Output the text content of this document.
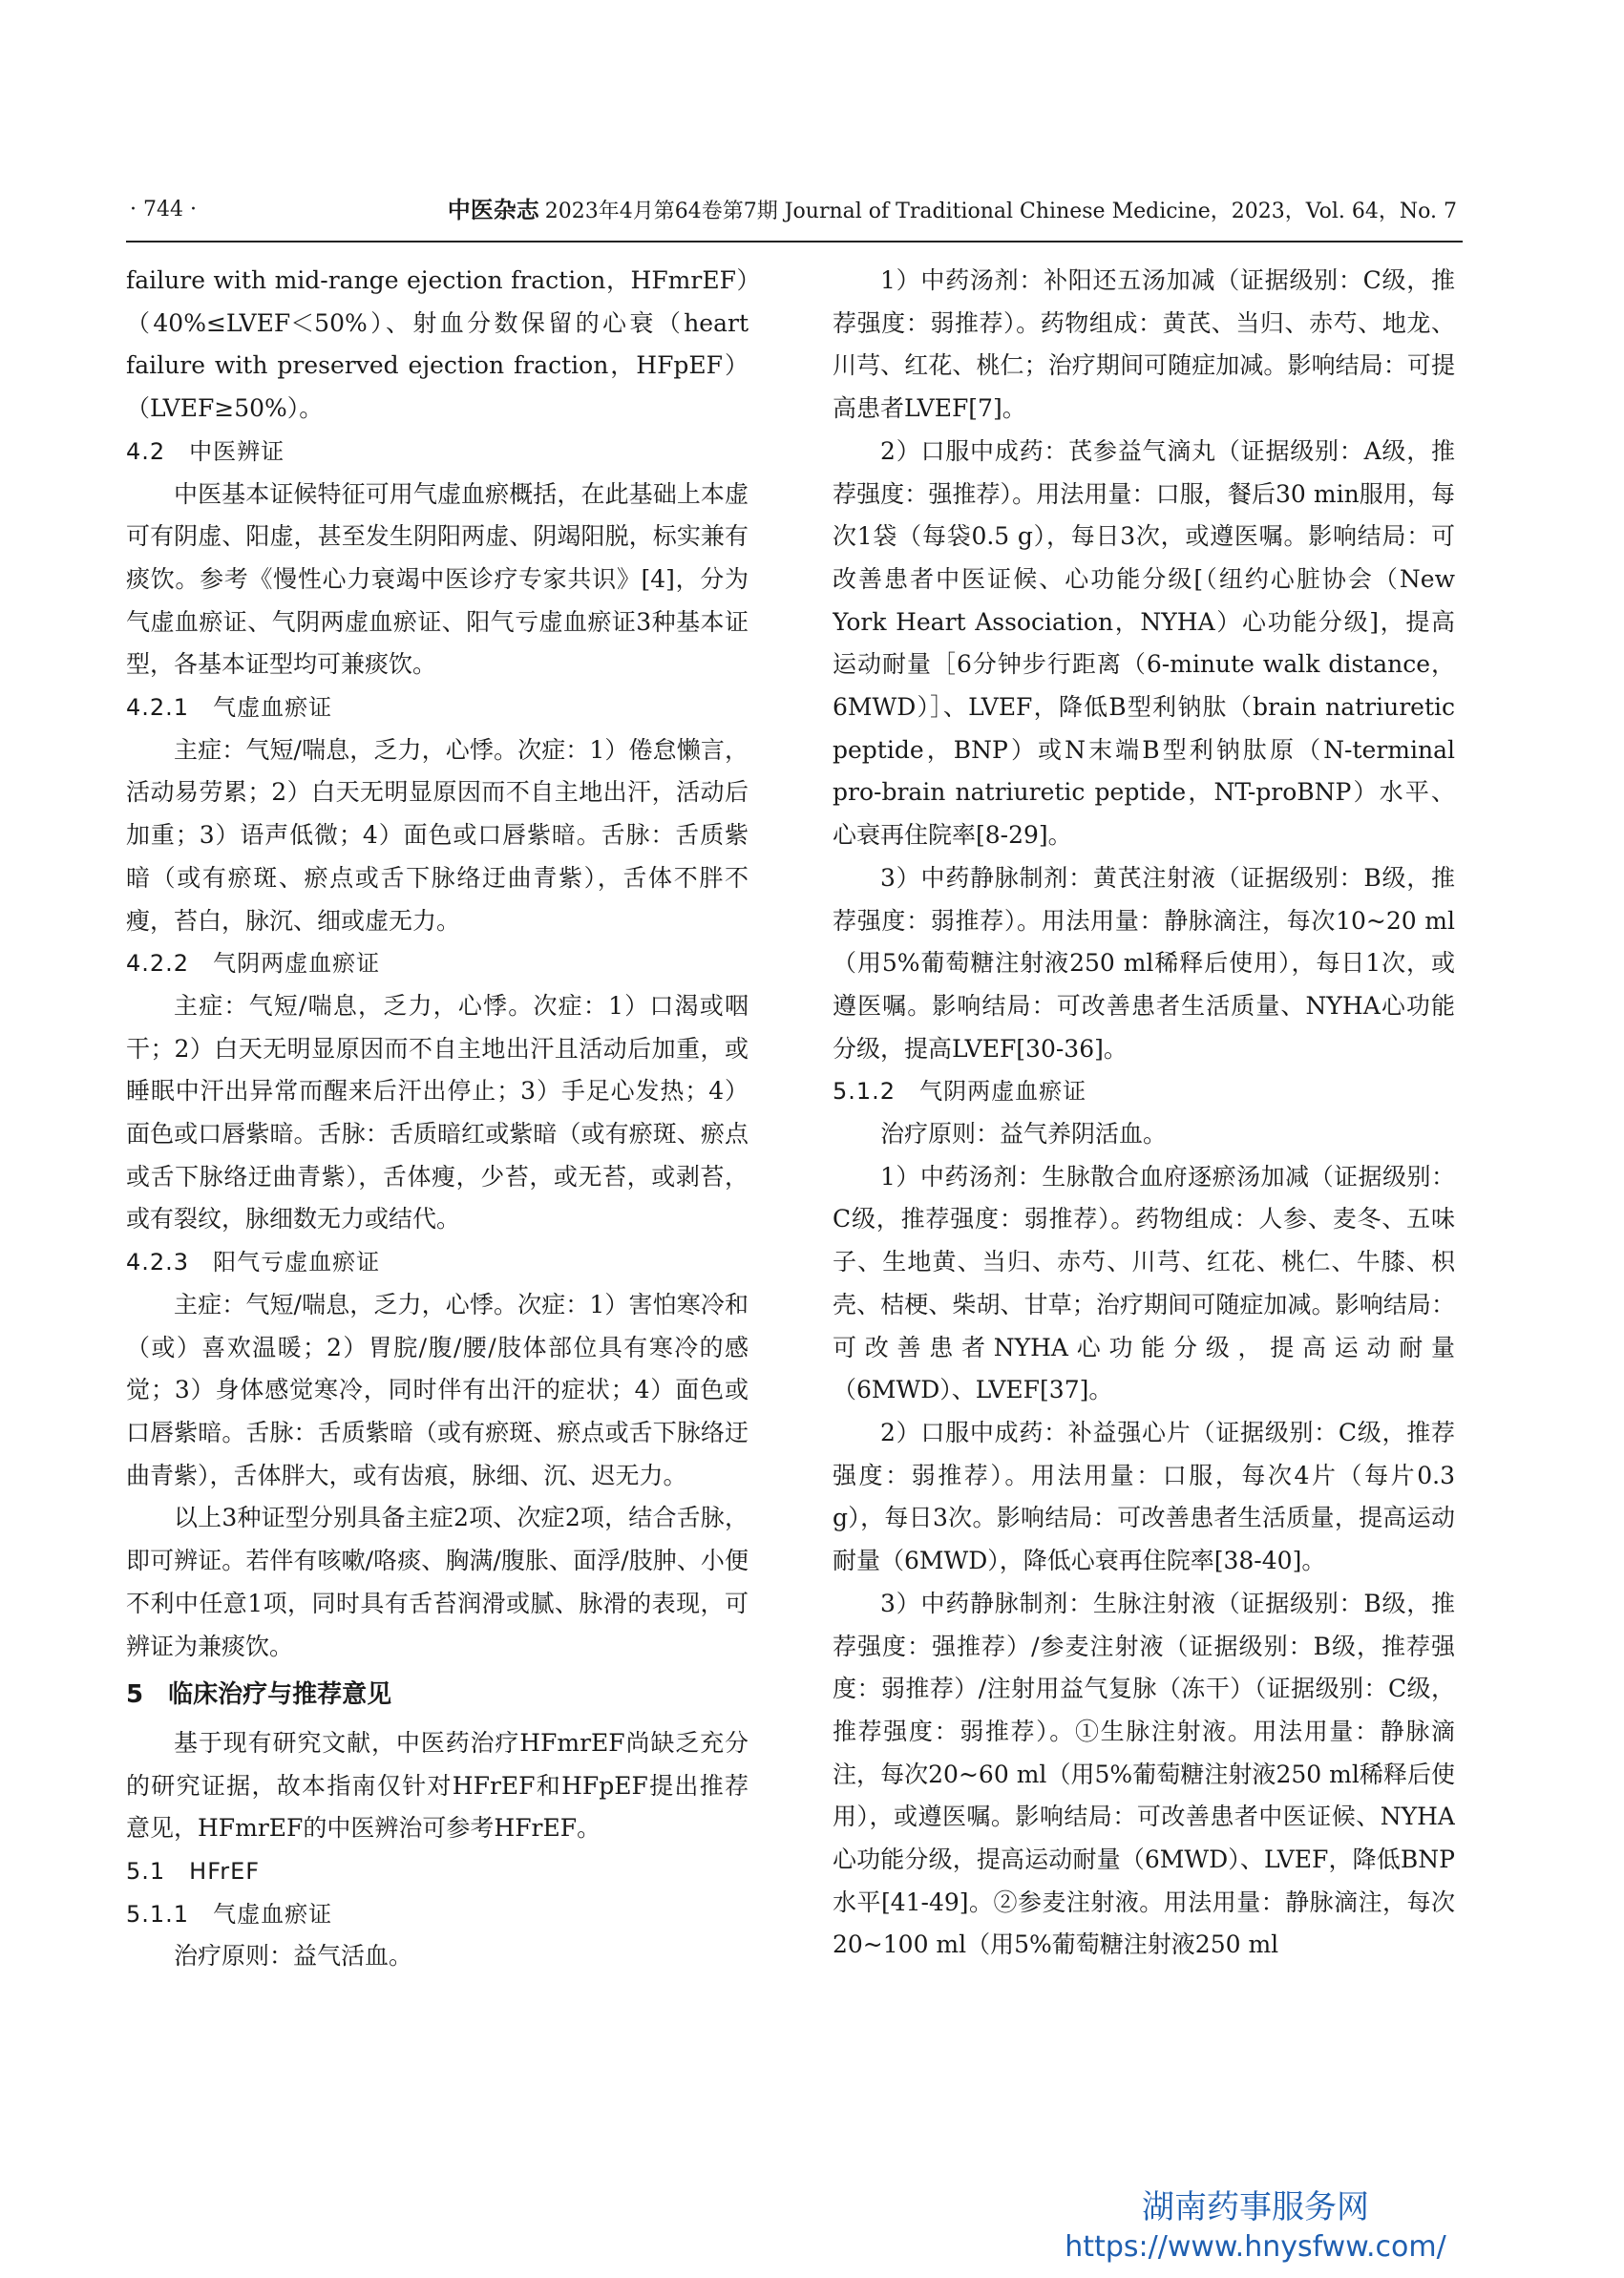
· 744 ·	中医杂志 2023年4月第64卷第7期 Journal of Traditional Chinese Medicine，2023，Vol. 64，No. 7

failure with mid-range ejection fraction，HFmrEF）（40%≤LVEF＜50%）、射血分数保留的心衰（heart failure with preserved ejection fraction，HFpEF）（LVEF≥50%）。

4.2　中医辨证

中医基本证候特征可用气虚血瘀概括，在此基础上本虚可有阴虚、阳虚，甚至发生阴阳两虚、阴竭阳脱，标实兼有痰饮。参考《慢性心力衰竭中医诊疗专家共识》[4]，分为气虚血瘀证、气阴两虚血瘀证、阳气亏虚血瘀证3种基本证型，各基本证型均可兼痰饮。

4.2.1　气虚血瘀证

主症：气短/喘息，乏力，心悸。次症：1）倦怠懒言，活动易劳累；2）白天无明显原因而不自主地出汗，活动后加重；3）语声低微；4）面色或口唇紫暗。舌脉：舌质紫暗（或有瘀斑、瘀点或舌下脉络迂曲青紫），舌体不胖不瘦，苔白，脉沉、细或虚无力。

4.2.2　气阴两虚血瘀证

主症：气短/喘息，乏力，心悸。次症：1）口渴或咽干；2）白天无明显原因而不自主地出汗且活动后加重，或睡眠中汗出异常而醒来后汗出停止；3）手足心发热；4）面色或口唇紫暗。舌脉：舌质暗红或紫暗（或有瘀斑、瘀点或舌下脉络迂曲青紫），舌体瘦，少苔，或无苔，或剥苔，或有裂纹，脉细数无力或结代。

4.2.3　阳气亏虚血瘀证

主症：气短/喘息，乏力，心悸。次症：1）害怕寒冷和（或）喜欢温暖；2）胃脘/腹/腰/肢体部位具有寒冷的感觉；3）身体感觉寒冷，同时伴有出汗的症状；4）面色或口唇紫暗。舌脉：舌质紫暗（或有瘀斑、瘀点或舌下脉络迂曲青紫），舌体胖大，或有齿痕，脉细、沉、迟无力。

以上3种证型分别具备主症2项、次症2项，结合舌脉，即可辨证。若伴有咳嗽/咯痰、胸满/腹胀、面浮/肢肿、小便不利中任意1项，同时具有舌苔润滑或腻、脉滑的表现，可辨证为兼痰饮。

5　临床治疗与推荐意见

基于现有研究文献，中医药治疗HFmrEF尚缺乏充分的研究证据，故本指南仅针对HFrEF和HFpEF提出推荐意见，HFmrEF的中医辨治可参考HFrEF。

5.1　HFrEF

5.1.1　气虚血瘀证

治疗原则：益气活血。

1）中药汤剂：补阳还五汤加减（证据级别：C级，推荐强度：弱推荐）。药物组成：黄芪、当归、赤芍、地龙、川芎、红花、桃仁；治疗期间可随症加减。影响结局：可提高患者LVEF[7]。

2）口服中成药：芪参益气滴丸（证据级别：A级，推荐强度：强推荐）。用法用量：口服，餐后30 min服用，每次1袋（每袋0.5 g），每日3次，或遵医嘱。影响结局：可改善患者中医证候、心功能分级[（纽约心脏协会（New York Heart Association，NYHA）心功能分级]，提高运动耐量［6分钟步行距离（6-minute walk distance，6MWD）］、LVEF，降低B型利钠肽（brain natriuretic peptide，BNP）或N末端B型利钠肽原（N-terminal pro-brain natriuretic peptide，NT-proBNP）水平、心衰再住院率[8-29]。

3）中药静脉制剂：黄芪注射液（证据级别：B级，推荐强度：弱推荐）。用法用量：静脉滴注，每次10~20 ml（用5%葡萄糖注射液250 ml稀释后使用），每日1次，或遵医嘱。影响结局：可改善患者生活质量、NYHA心功能分级，提高LVEF[30-36]。

5.1.2　气阴两虚血瘀证

治疗原则：益气养阴活血。

1）中药汤剂：生脉散合血府逐瘀汤加减（证据级别：C级，推荐强度：弱推荐）。药物组成：人参、麦冬、五味子、生地黄、当归、赤芍、川芎、红花、桃仁、牛膝、枳壳、桔梗、柴胡、甘草；治疗期间可随症加减。影响结局：可改善患者NYHA心功能分级，提高运动耐量（6MWD）、LVEF[37]。

2）口服中成药：补益强心片（证据级别：C级，推荐强度：弱推荐）。用法用量：口服，每次4片（每片0.3 g），每日3次。影响结局：可改善患者生活质量，提高运动耐量（6MWD），降低心衰再住院率[38-40]。

3）中药静脉制剂：生脉注射液（证据级别：B级，推荐强度：强推荐）/参麦注射液（证据级别：B级，推荐强度：弱推荐）/注射用益气复脉（冻干）（证据级别：C级，推荐强度：弱推荐）。①生脉注射液。用法用量：静脉滴注，每次20~60 ml（用5%葡萄糖注射液250 ml稀释后使用），或遵医嘱。影响结局：可改善患者中医证候、NYHA心功能分级，提高运动耐量（6MWD）、LVEF，降低BNP水平[41-49]。②参麦注射液。用法用量：静脉滴注，每次20~100 ml（用5%葡萄糖注射液250 ml

湖南药事服务网
https://www.hnysfww.com/
